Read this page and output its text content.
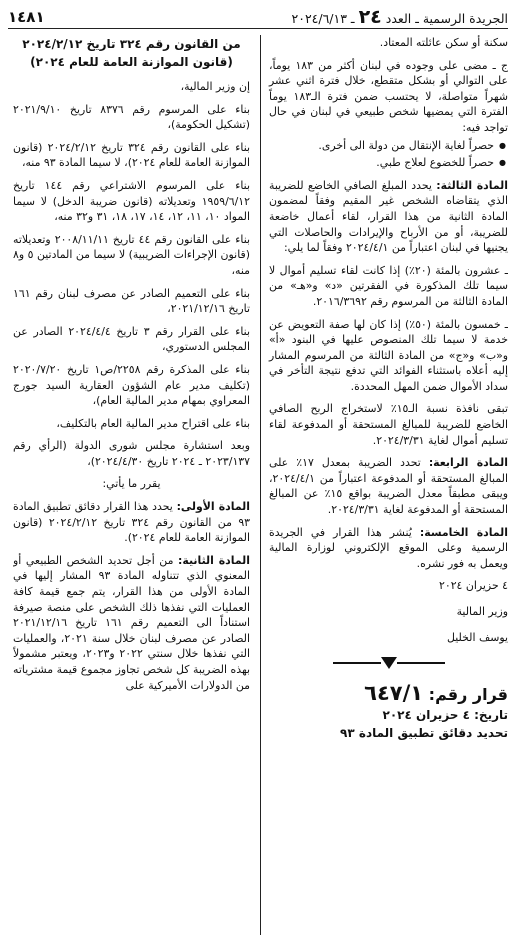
الجريدة الرسمية ـ العدد
٢٤
ـ ٢٠٢٤/٦/١٣
١٤٨١

سكنة أو سكن عائلته المعتاد.

ج ـ مضى على وجوده في لبنان أكثر من ١٨٣ يوماً، على التوالي أو بشكل متقطع، خلال فترة اثني عشر شهراً متواصلة، لا يحتسب ضمن فترة الـ١٨٣ يوماً الفترة التي يمضيها شخص طبيعي في لبنان في حال تواجد فيه:

● حصراً لغاية الإنتقال من دولة الى أخرى.
● حصراً للخضوع لعلاج طبي.

المادة الثالثة: يحدد المبلغ الصافي الخاضع للضريبة الذي يتقاضاه الشخص غير المقيم وفقاً لمضمون المادة الثانية من هذا القرار، لقاء أعمال خاضعة للضريبة، أو من الأرباح والإيرادات والحاصلات التي يجنيها في لبنان اعتباراً من ٢٠٢٤/٤/١ وفقاً لما يلي:

ـ عشرون بالمئة (٢٠٪) إذا كانت لقاء تسليم أموال لا سيما تلك المذكورة في الفقرتين «د» و«هـ» من المادة الثالثة من المرسوم رقم ٢٠١٦/٣٦٩٢.

ـ خمسون بالمئة (٥٠٪) إذا كان لها صفة التعويض عن خدمة لا سيما تلك المنصوص عليها في البنود «أ» و«ب» و«ج» من المادة الثالثة من المرسوم المشار إليه أعلاه باستثناء الفوائد التي تدفع نتيجة التأخر في سداد الأموال ضمن المهل المحددة.

تبقى نافذة نسبة الـ١٥٪ لاستخراج الربح الصافي الخاضع للضريبة للمبالغ المستحقة أو المدفوعة لقاء تسليم أموال لغاية ٢٠٢٤/٣/٣١.

المادة الرابعة: تحدد الضريبة بمعدل ١٧٪ على المبالغ المستحقة أو المدفوعة اعتباراً من ٢٠٢٤/٤/١، ويبقى مطبقاً معدل الضريبة بواقع ١٥٪ عن المبالغ المستحقة أو المدفوعة لغاية ٢٠٢٤/٣/٣١.

المادة الخامسة: يُنشر هذا القرار في الجريدة الرسمية وعلى الموقع الإلكتروني لوزارة المالية ويعمل به فور نشره.

٤ حزيران ٢٠٢٤

وزير المالية

يوسف الخليل

قرار رقم: ٦٤٧/١
تاريخ: ٤ حزيران ٢٠٢٤
تحديد دقائق تطبيق المادة ٩٣
من القانون رقم ٣٢٤ تاريخ ٢٠٢٤/٢/١٢
(قانون الموازنة العامة للعام ٢٠٢٤)

إن وزير المالية،

بناء على المرسوم رقم ٨٣٧٦ تاريخ ٢٠٢١/٩/١٠ (تشكيل الحكومة)،

بناء على القانون رقم ٣٢٤ تاريخ ٢٠٢٤/٢/١٢ (قانون الموازنة العامة للعام ٢٠٢٤)، لا سيما المادة ٩٣ منه،

بناء على المرسوم الاشتراعي رقم ١٤٤ تاريخ ١٩٥٩/٦/١٢ وتعديلاته (قانون ضريبة الدخل) لا سيما المواد ١٠، ١١، ١٢، ١٤، ١٧، ١٨، ٣١ و٣٢ منه،

بناء على القانون رقم ٤٤ تاريخ ٢٠٠٨/١١/١١ وتعديلاته (قانون الإجراءات الضريبية) لا سيما من المادتين ٥ و٨ منه،

بناء على التعميم الصادر عن مصرف لبنان رقم ١٦١ تاريخ ٢٠٢١/١٢/١٦،

بناء على القرار رقم ٣ تاريخ ٢٠٢٤/٤/٤ الصادر عن المجلس الدستوري،

بناء على المذكرة رقم ٢٢٥٨/ص١ تاريخ ٢٠٢٠/٧/٢٠ (تكليف مدير عام الشؤون العقارية السيد جورج المعراوي بمهام مدير المالية العام)،

بناء على اقتراح مدير المالية العام بالتكليف،

وبعد استشارة مجلس شورى الدولة (الرأي رقم ٢٠٢٣/١٣٧ ـ ٢٠٢٤ تاريخ ٢٠٢٤/٤/٣٠)،

يقرر ما يأتي:

المادة الأولى: يحدد هذا القرار دقائق تطبيق المادة ٩٣ من القانون رقم ٣٢٤ تاريخ ٢٠٢٤/٢/١٢ (قانون الموازنة العامة للعام ٢٠٢٤).

المادة الثانية: من أجل تحديد الشخص الطبيعي أو المعنوي الذي تتناوله المادة ٩٣ المشار إليها في المادة الأولى من هذا القرار، يتم جمع قيمة كافة العمليات التي نفذها ذلك الشخص على منصة صيرفة استناداً الى التعميم رقم ١٦١ تاريخ ٢٠٢١/١٢/١٦ الصادر عن مصرف لبنان خلال سنة ٢٠٢١، والعمليات التي نفذها خلال سنتي ٢٠٢٢ و٢٠٢٣، ويعتبر مشمولاً بهذه الضريبة كل شخص تجاوز مجموع قيمة مشترياته من الدولارات الأميركية على
